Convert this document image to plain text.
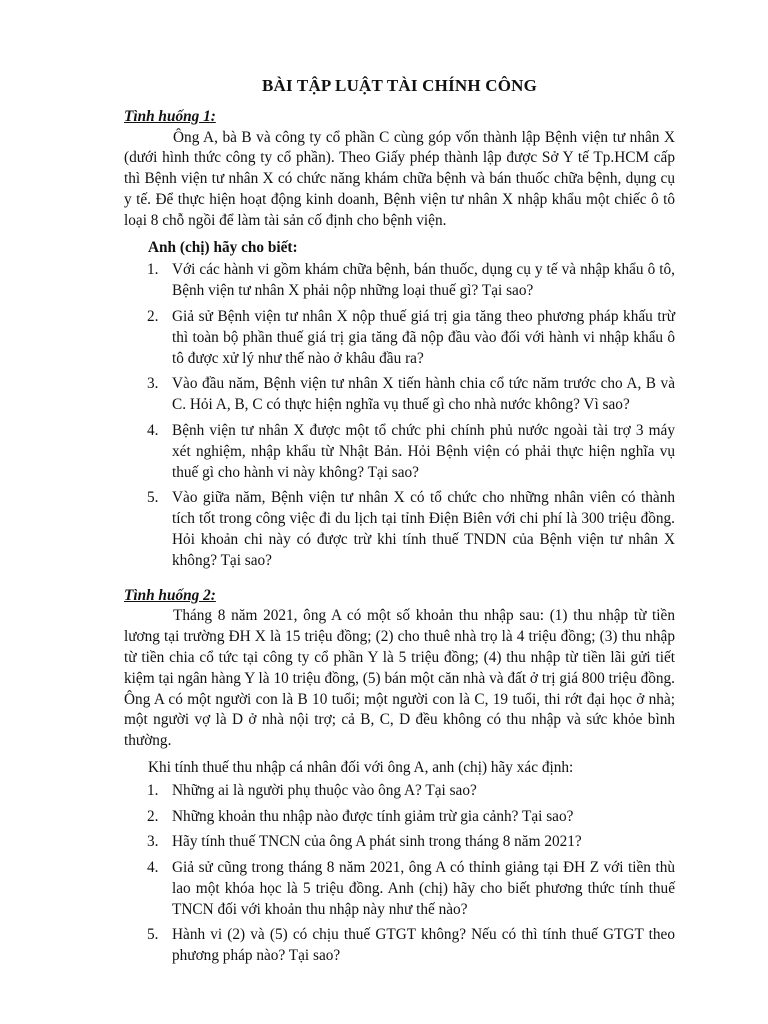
BÀI TẬP LUẬT TÀI CHÍNH CÔNG

Tình huống 1:

Ông A, bà B và công ty cổ phần C cùng góp vốn thành lập Bệnh viện tư nhân X (dưới hình thức công ty cổ phần). Theo Giấy phép thành lập được Sở Y tế Tp.HCM cấp thì Bệnh viện tư nhân X có chức năng khám chữa bệnh và bán thuốc chữa bệnh, dụng cụ y tế. Để thực hiện hoạt động kinh doanh, Bệnh viện tư nhân X nhập khẩu một chiếc ô tô loại 8 chỗ ngồi để làm tài sản cố định cho bệnh viện.

Anh (chị) hãy cho biết:

1. Với các hành vi gồm khám chữa bệnh, bán thuốc, dụng cụ y tế và nhập khẩu ô tô, Bệnh viện tư nhân X phải nộp những loại thuế gì? Tại sao?
2. Giả sử Bệnh viện tư nhân X nộp thuế giá trị gia tăng theo phương pháp khấu trừ thì toàn bộ phần thuế giá trị gia tăng đã nộp đầu vào đối với hành vi nhập khẩu ô tô được xử lý như thế nào ở khâu đầu ra?
3. Vào đầu năm, Bệnh viện tư nhân X tiến hành chia cổ tức năm trước cho A, B và C. Hỏi A, B, C có thực hiện nghĩa vụ thuế gì cho nhà nước không? Vì sao?
4. Bệnh viện tư nhân X được một tổ chức phi chính phủ nước ngoài tài trợ 3 máy xét nghiệm, nhập khẩu từ Nhật Bản. Hỏi Bệnh viện có phải thực hiện nghĩa vụ thuế gì cho hành vi này không? Tại sao?
5. Vào giữa năm, Bệnh viện tư nhân X có tổ chức cho những nhân viên có thành tích tốt trong công việc đi du lịch tại tỉnh Điện Biên với chi phí là 300 triệu đồng. Hỏi khoản chi này có được trừ khi tính thuế TNDN của Bệnh viện tư nhân X không? Tại sao?

Tình huống 2:

Tháng 8 năm 2021, ông A có một số khoản thu nhập sau: (1) thu nhập từ tiền lương tại trường ĐH X là 15 triệu đồng; (2) cho thuê nhà trọ là 4 triệu đồng; (3) thu nhập từ tiền chia cổ tức tại công ty cổ phần Y là 5 triệu đồng; (4) thu nhập từ tiền lãi gửi tiết kiệm tại ngân hàng Y là 10 triệu đồng, (5) bán một căn nhà và đất ở trị giá 800 triệu đồng. Ông A có một người con là B 10 tuổi; một người con là C, 19 tuổi, thi rớt đại học ở nhà; một người vợ là D ở nhà nội trợ; cả B, C, D đều không có thu nhập và sức khỏe bình thường.

Khi tính thuế thu nhập cá nhân đối với ông A, anh (chị) hãy xác định:

1. Những ai là người phụ thuộc vào ông A? Tại sao?
2. Những khoản thu nhập nào được tính giảm trừ gia cảnh? Tại sao?
3. Hãy tính thuế TNCN của ông A phát sinh trong tháng 8 năm 2021?
4. Giả sử cũng trong tháng 8 năm 2021, ông A có thỉnh giảng tại ĐH Z với tiền thù lao một khóa học là 5 triệu đồng. Anh (chị) hãy cho biết phương thức tính thuế TNCN đối với khoản thu nhập này như thế nào?
5. Hành vi (2) và (5) có chịu thuế GTGT không? Nếu có thì tính thuế GTGT theo phương pháp nào? Tại sao?
